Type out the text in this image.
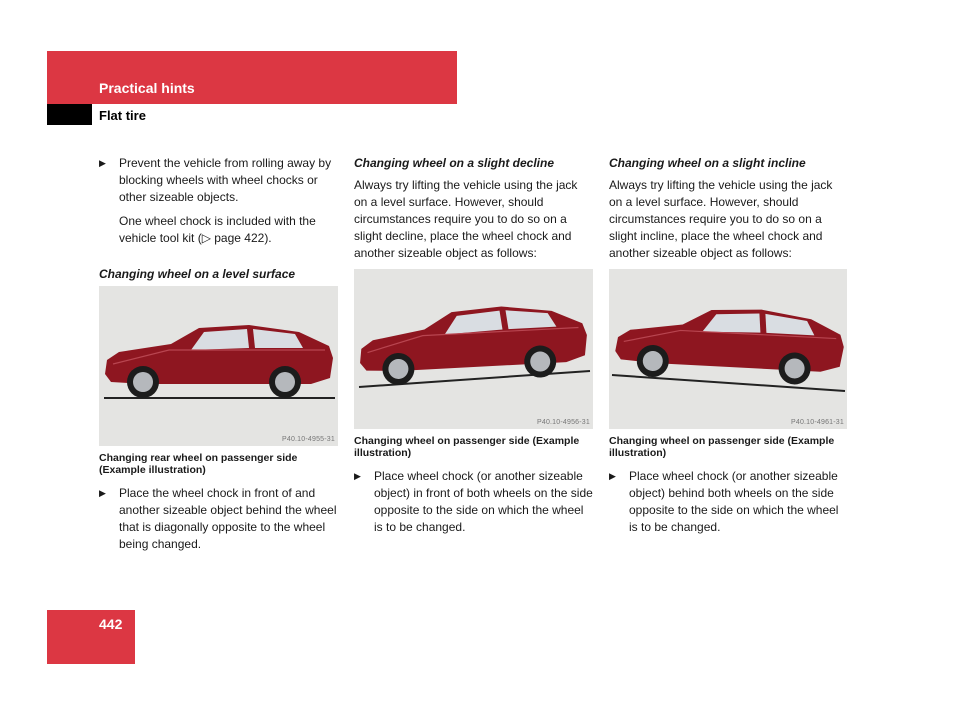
Practical hints
Flat tire

▶ Prevent the vehicle from rolling away by blocking wheels with wheel chocks or other sizeable objects.

One wheel chock is included with the vehicle tool kit (▷ page 422).

Changing wheel on a level surface

P40.10-4955-31

Changing rear wheel on passenger side (Example illustration)

▶ Place the wheel chock in front of and another sizeable object behind the wheel that is diagonally opposite to the wheel being changed.

Changing wheel on a slight decline

Always try lifting the vehicle using the jack on a level surface. However, should circumstances require you to do so on a slight decline, place the wheel chock and another sizeable object as follows:

P40.10-4956-31

Changing wheel on passenger side (Example illustration)

▶ Place wheel chock (or another sizeable object) in front of both wheels on the side opposite to the side on which the wheel is to be changed.

Changing wheel on a slight incline

Always try lifting the vehicle using the jack on a level surface. However, should circumstances require you to do so on a slight incline, place the wheel chock and another sizeable object as follows:

P40.10-4961-31

Changing wheel on passenger side (Example illustration)

▶ Place wheel chock (or another sizeable object) behind both wheels on the side opposite to the side on which the wheel is to be changed.

442
